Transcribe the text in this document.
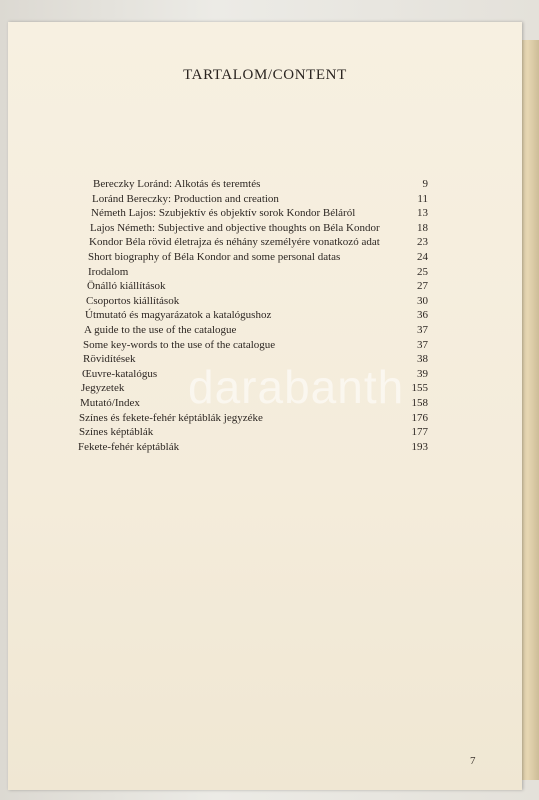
TARTALOM/CONTENT
Bereczky Loránd: Alkotás és teremtés	9
Loránd Bereczky: Production and creation	11
Németh Lajos: Szubjektív és objektív sorok Kondor Béláról	13
Lajos Németh: Subjective and objective thoughts on Béla Kondor	18
Kondor Béla rövid életrajza és néhány személyére vonatkozó adat	23
Short biography of Béla Kondor and some personal datas	24
Irodalom	25
Önálló kiállítások	27
Csoportos kiállítások	30
Útmutató és magyarázatok a katalógushoz	36
A guide to the use of the catalogue	37
Some key-words to the use of the catalogue	37
Rövidítések	38
Œuvre-katalógus	39
Jegyzetek	155
Mutató/Index	158
Színes és fekete-fehér képtáblák jegyzéke	176
Színes képtáblák	177
Fekete-fehér képtáblák	193
darabanth
7
